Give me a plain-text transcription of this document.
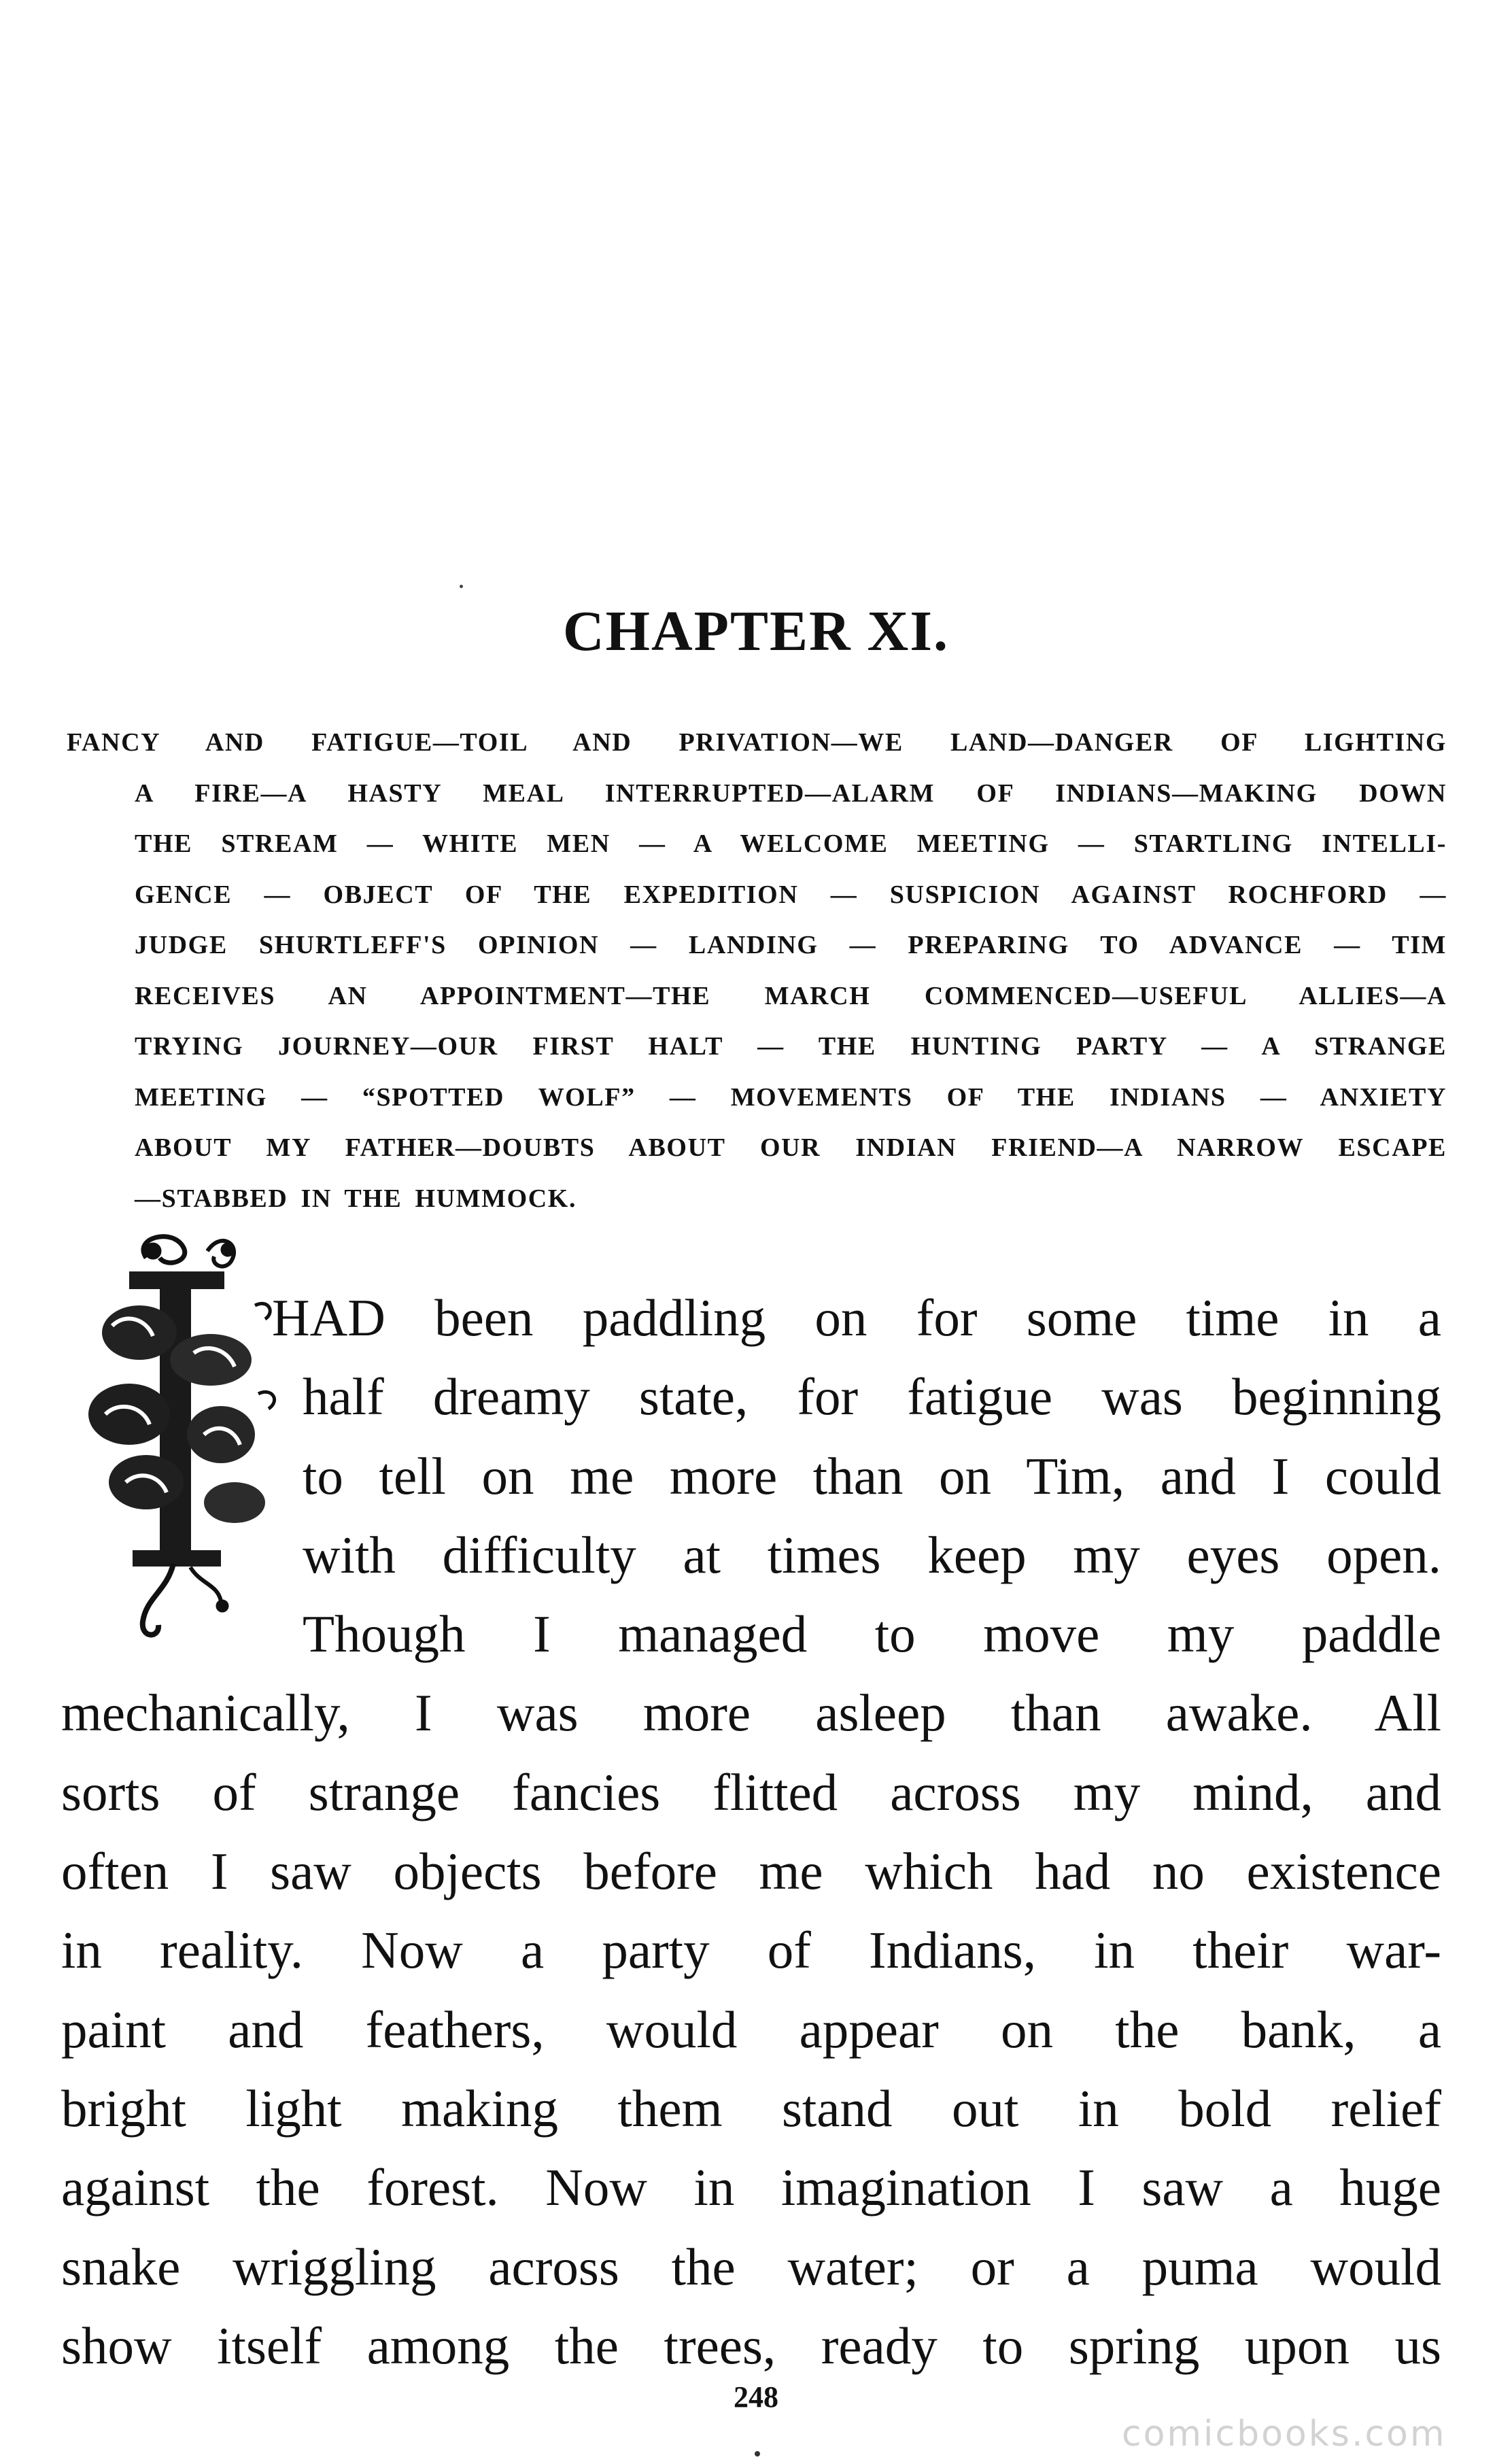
CHAPTER XI.
FANCY AND FATIGUE—TOIL AND PRIVATION—WE LAND—DANGER OF LIGHTING
A FIRE—A HASTY MEAL INTERRUPTED—ALARM OF INDIANS—MAKING DOWN
THE STREAM — WHITE MEN — A WELCOME MEETING — STARTLING INTELLI-
GENCE — OBJECT OF THE EXPEDITION — SUSPICION AGAINST ROCHFORD —
JUDGE SHURTLEFF'S OPINION — LANDING — PREPARING TO ADVANCE — TIM
RECEIVES AN APPOINTMENT—THE MARCH COMMENCED—USEFUL ALLIES—A
TRYING JOURNEY—OUR FIRST HALT — THE HUNTING PARTY — A STRANGE
MEETING — “SPOTTED WOLF” — MOVEMENTS OF THE INDIANS — ANXIETY
ABOUT MY FATHER—DOUBTS ABOUT OUR INDIAN FRIEND—A NARROW ESCAPE
—STABBED IN THE HUMMOCK.
HAD been paddling on for some time in a
half dreamy state, for fatigue was beginning
to tell on me more than on Tim, and I could
with difficulty at times keep my eyes open.
Though I managed to move my paddle
mechanically, I was more asleep than awake. All
sorts of strange fancies flitted across my mind, and
often I saw objects before me which had no existence
in reality. Now a party of Indians, in their war-
paint and feathers, would appear on the bank, a
bright light making them stand out in bold relief
against the forest. Now in imagination I saw a huge
snake wriggling across the water; or a puma would
show itself among the trees, ready to spring upon us
248
comicbooks.com
